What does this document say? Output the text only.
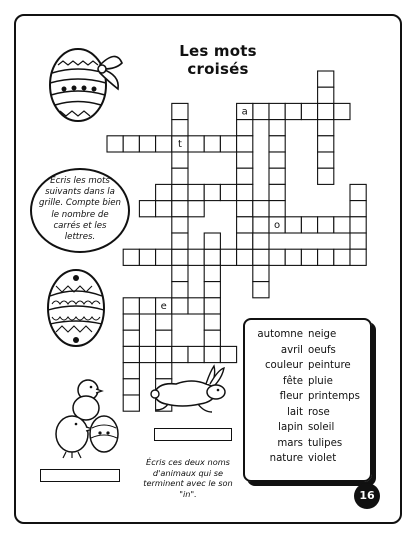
Les mots croisés
Écris les mots suivants dans la grille. Compte bien le nombre de carrés et les lettres.
t
o
e
a
automne
avril
couleur
fête
fleur
lait
lapin
mars
nature
neige
oeufs
peinture
pluie
printemps
rose
soleil
tulipes
violet
Écris ces deux noms d'animaux qui se terminent avec le son "in".	16
